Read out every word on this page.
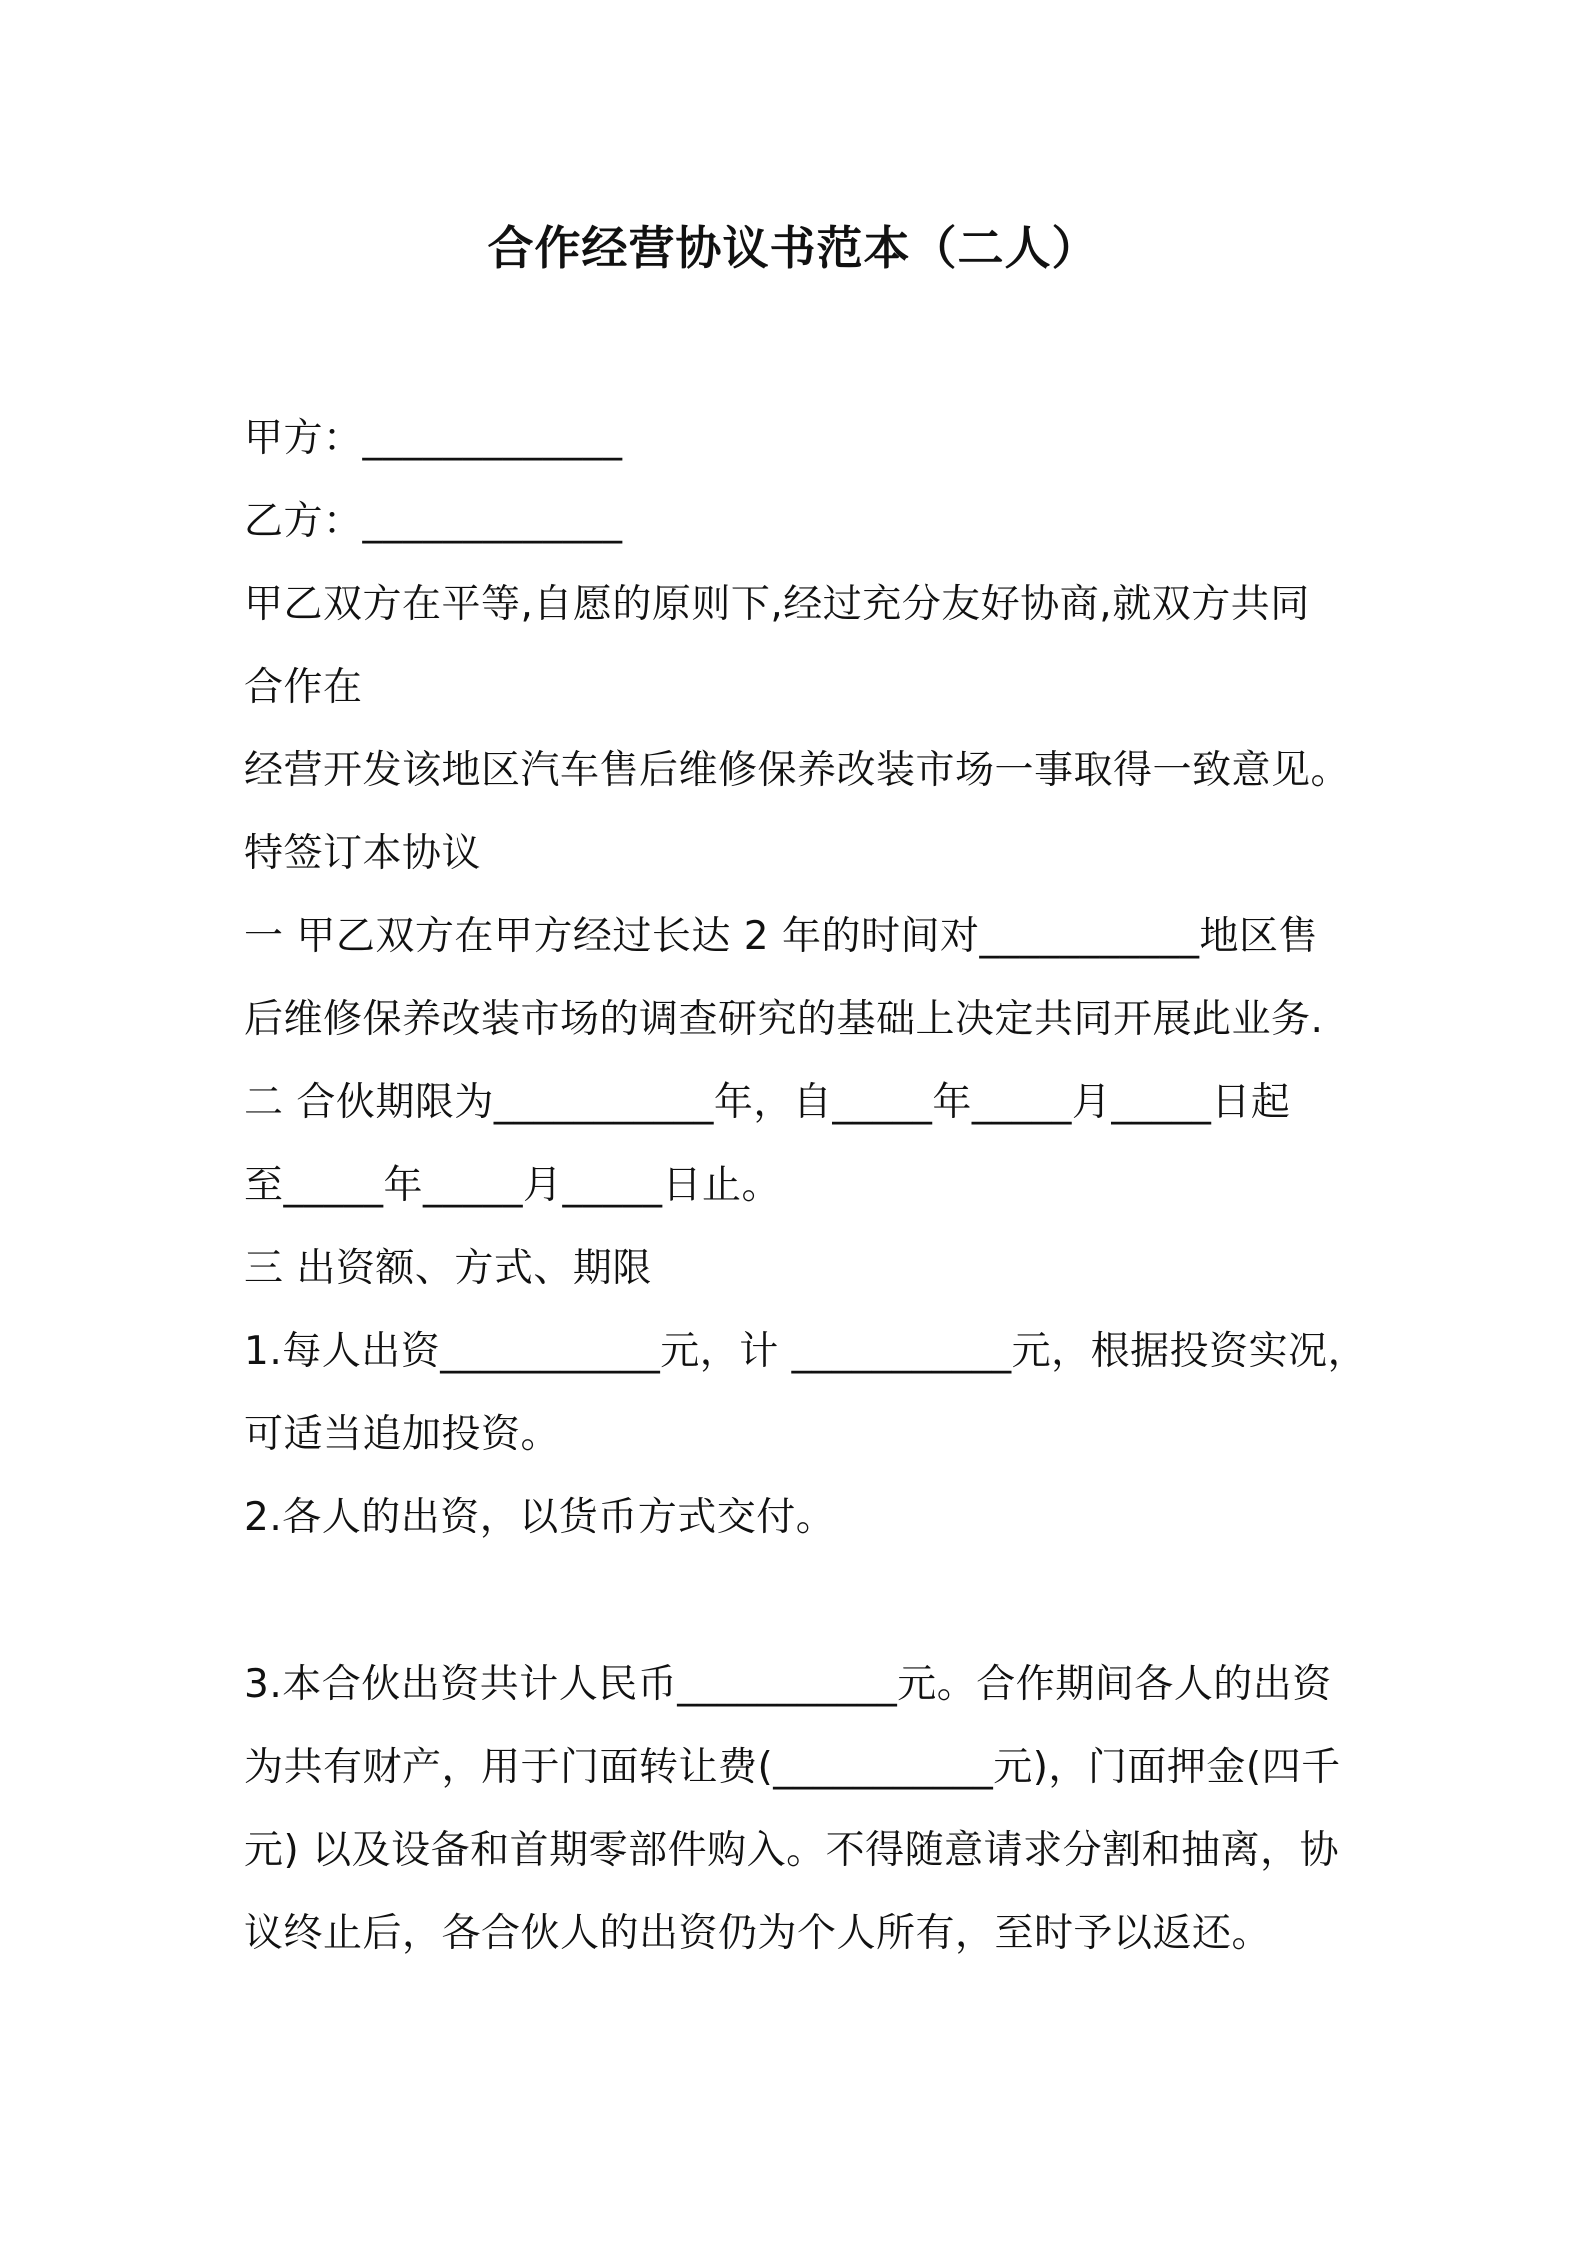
合作经营协议书范本（二人）
甲方：_____________
乙方：_____________
甲乙双方在平等,自愿的原则下,经过充分友好协商,就双方共同
合作在
经营开发该地区汽车售后维修保养改装市场一事取得一致意见。
特签订本协议
一 甲乙双方在甲方经过长达 2 年的时间对___________地区售
后维修保养改装市场的调查研究的基础上决定共同开展此业务.
二 合伙期限为___________年，自_____年_____月_____日起
至_____年_____月_____日止。
三 出资额、方式、期限
1.每人出资___________元，计 ___________元，根据投资实况，
可适当追加投资。
2.各人的出资，以货币方式交付。
3.本合伙出资共计人民币___________元。合作期间各人的出资
为共有财产，用于门面转让费(___________元)，门面押金(四千
元) 以及设备和首期零部件购入。不得随意请求分割和抽离，协
议终止后，各合伙人的出资仍为个人所有，至时予以返还。
